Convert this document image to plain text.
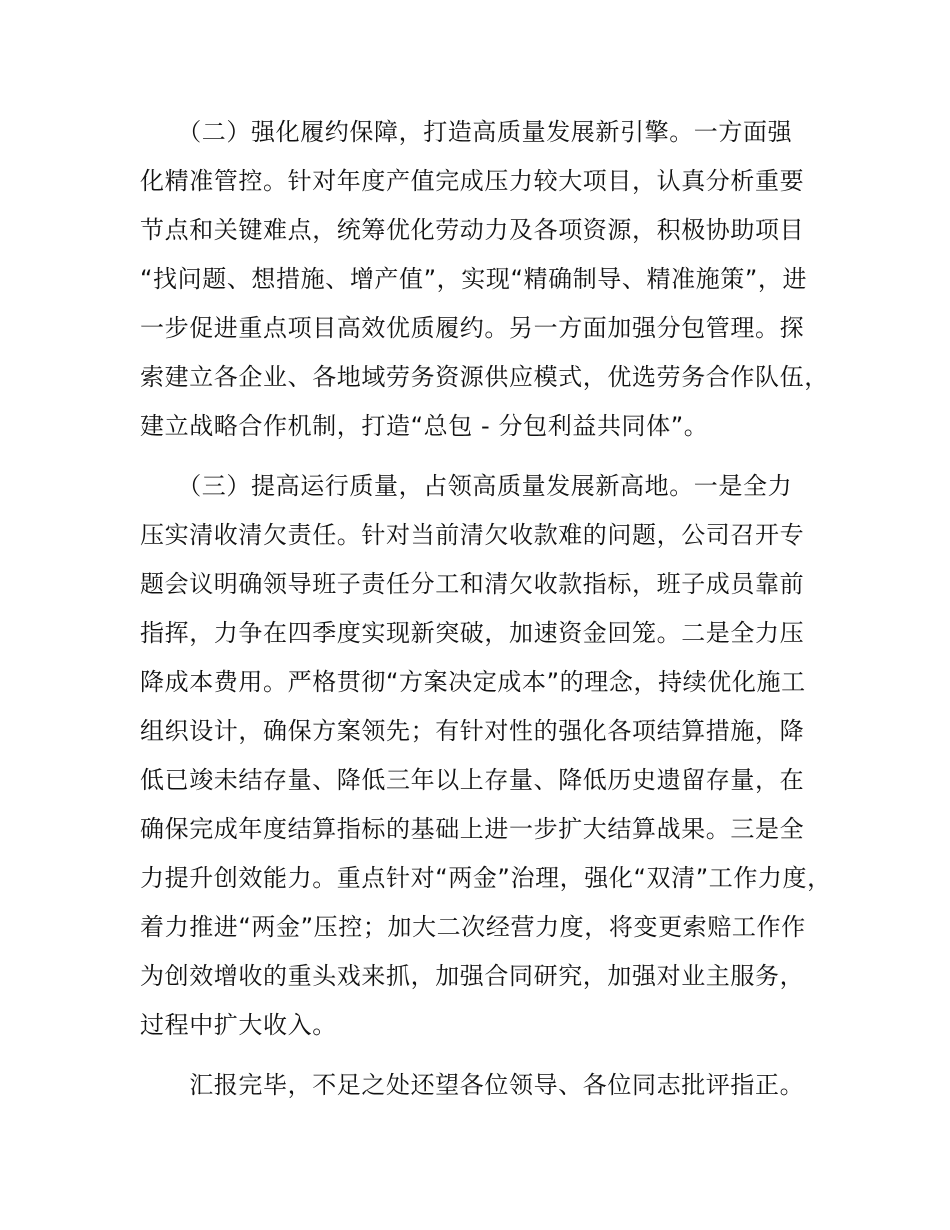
　　（二）强化履约保障，打造高质量发展新引擎。一方面强
化精准管控。针对年度产值完成压力较大项目，认真分析重要
节点和关键难点，统筹优化劳动力及各项资源，积极协助项目
“找问题、想措施、增产值”，实现“精确制导、精准施策”，进
一步促进重点项目高效优质履约。另一方面加强分包管理。探
索建立各企业、各地域劳务资源供应模式，优选劳务合作队伍，
建立战略合作机制，打造“总包 - 分包利益共同体”。
　　（三）提高运行质量，占领高质量发展新高地。一是全力
压实清收清欠责任。针对当前清欠收款难的问题，公司召开专
题会议明确领导班子责任分工和清欠收款指标，班子成员靠前
指挥，力争在四季度实现新突破，加速资金回笼。二是全力压
降成本费用。严格贯彻“方案决定成本”的理念，持续优化施工
组织设计，确保方案领先；有针对性的强化各项结算措施，降
低已竣未结存量、降低三年以上存量、降低历史遗留存量，在
确保完成年度结算指标的基础上进一步扩大结算战果。三是全
力提升创效能力。重点针对“两金”治理，强化“双清”工作力度，
着力推进“两金”压控；加大二次经营力度，将变更索赔工作作
为创效增收的重头戏来抓，加强合同研究，加强对业主服务，
过程中扩大收入。
　　汇报完毕，不足之处还望各位领导、各位同志批评指正。
